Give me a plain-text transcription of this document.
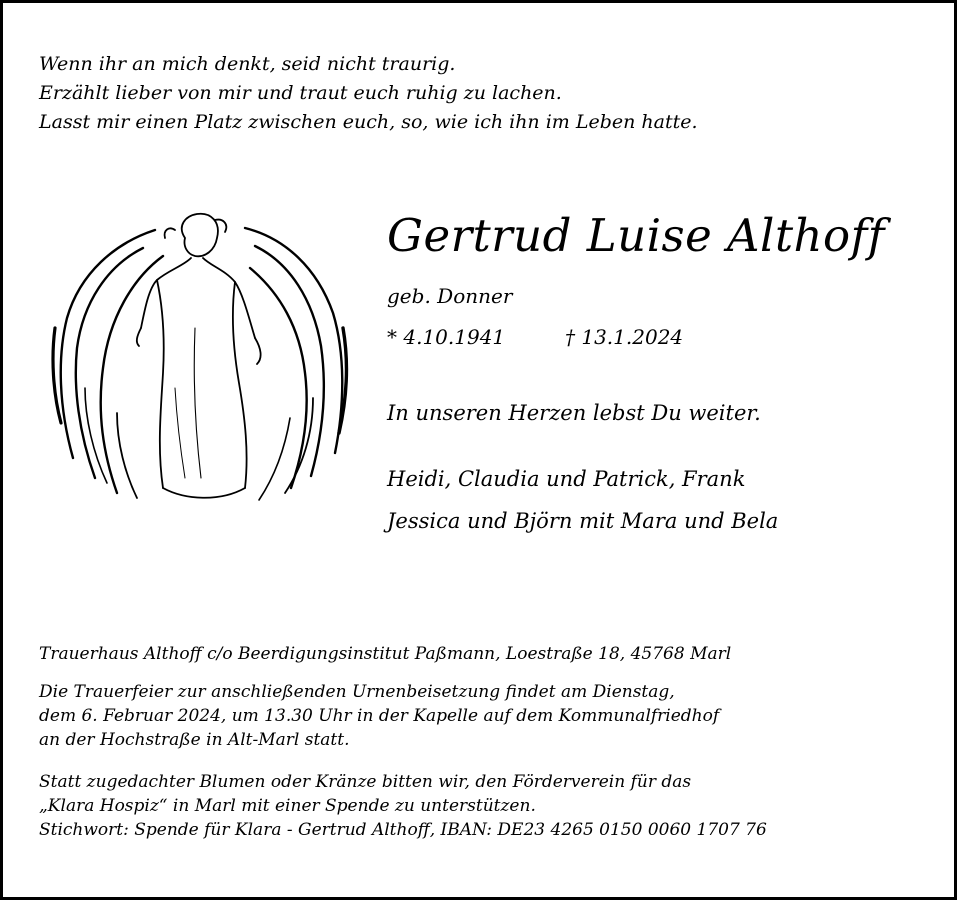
Wenn ihr an mich denkt, seid nicht traurig.
Erzählt lieber von mir und traut euch ruhig zu lachen.
Lasst mir einen Platz zwischen euch, so, wie ich ihn im Leben hatte.
Gertrud Luise Althoff
geb. Donner
* 4.10.1941	† 13.1.2024
In unseren Herzen lebst Du weiter.
Heidi, Claudia und Patrick, Frank
Jessica und Björn mit Mara und Bela
Trauerhaus Althoff c/o Beerdigungsinstitut Paßmann, Loestraße 18, 45768 Marl
Die Trauerfeier zur anschließenden Urnenbeisetzung findet am Dienstag,
dem 6. Februar 2024, um 13.30 Uhr in der Kapelle auf dem Kommunalfriedhof
an der Hochstraße in Alt-Marl statt.
Statt zugedachter Blumen oder Kränze bitten wir, den Förderverein für das
„Klara Hospiz“ in Marl mit einer Spende zu unterstützen.
Stichwort: Spende für Klara - Gertrud Althoff, IBAN: DE23 4265 0150 0060 1707 76
